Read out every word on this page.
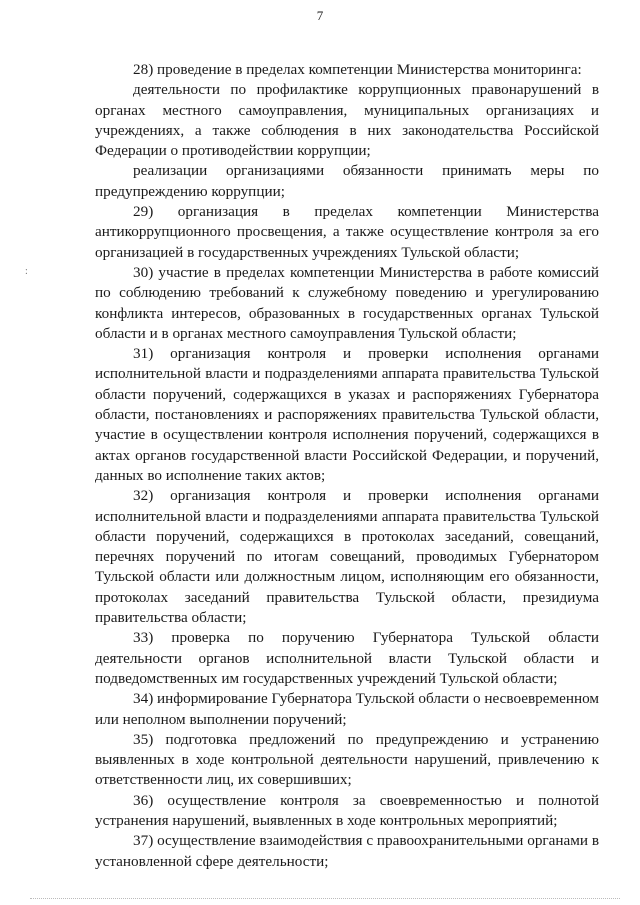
7
:

28) проведение в пределах компетенции Министерства мониторинга:

деятельности по профилактике коррупционных правонарушений в органах местного самоуправления, муниципальных организациях и учреждениях, а также соблюдения в них законодательства Российской Федерации о противодействии коррупции;

реализации организациями обязанности принимать меры по предупреждению коррупции;

29) организация в пределах компетенции Министерства антикоррупционного просвещения, а также осуществление контроля за его организацией в государственных учреждениях Тульской области;

30) участие в пределах компетенции Министерства в работе комиссий по соблюдению требований к служебному поведению и урегулированию конфликта интересов, образованных в государственных органах Тульской области и в органах местного самоуправления Тульской области;

31) организация контроля и проверки исполнения органами исполнительной власти и подразделениями аппарата правительства Тульской области поручений, содержащихся в указах и распоряжениях Губернатора области, постановлениях и распоряжениях правительства Тульской области, участие в осуществлении контроля исполнения поручений, содержащихся в актах органов государственной власти Российской Федерации, и поручений, данных во исполнение таких актов;

32) организация контроля и проверки исполнения органами исполнительной власти и подразделениями аппарата правительства Тульской области поручений, содержащихся в протоколах заседаний, совещаний, перечнях поручений по итогам совещаний, проводимых Губернатором Тульской области или должностным лицом, исполняющим его обязанности, протоколах заседаний правительства Тульской области, президиума правительства области;

33) проверка по поручению Губернатора Тульской области деятельности органов исполнительной власти Тульской области и подведомственных им государственных учреждений Тульской области;

34) информирование Губернатора Тульской области о несвоевременном или неполном выполнении поручений;

35) подготовка предложений по предупреждению и устранению выявленных в ходе контрольной деятельности нарушений, привлечению к ответственности лиц, их совершивших;

36) осуществление контроля за своевременностью и полнотой устранения нарушений, выявленных в ходе контрольных мероприятий;

37) осуществление взаимодействия с правоохранительными органами в установленной сфере деятельности;
